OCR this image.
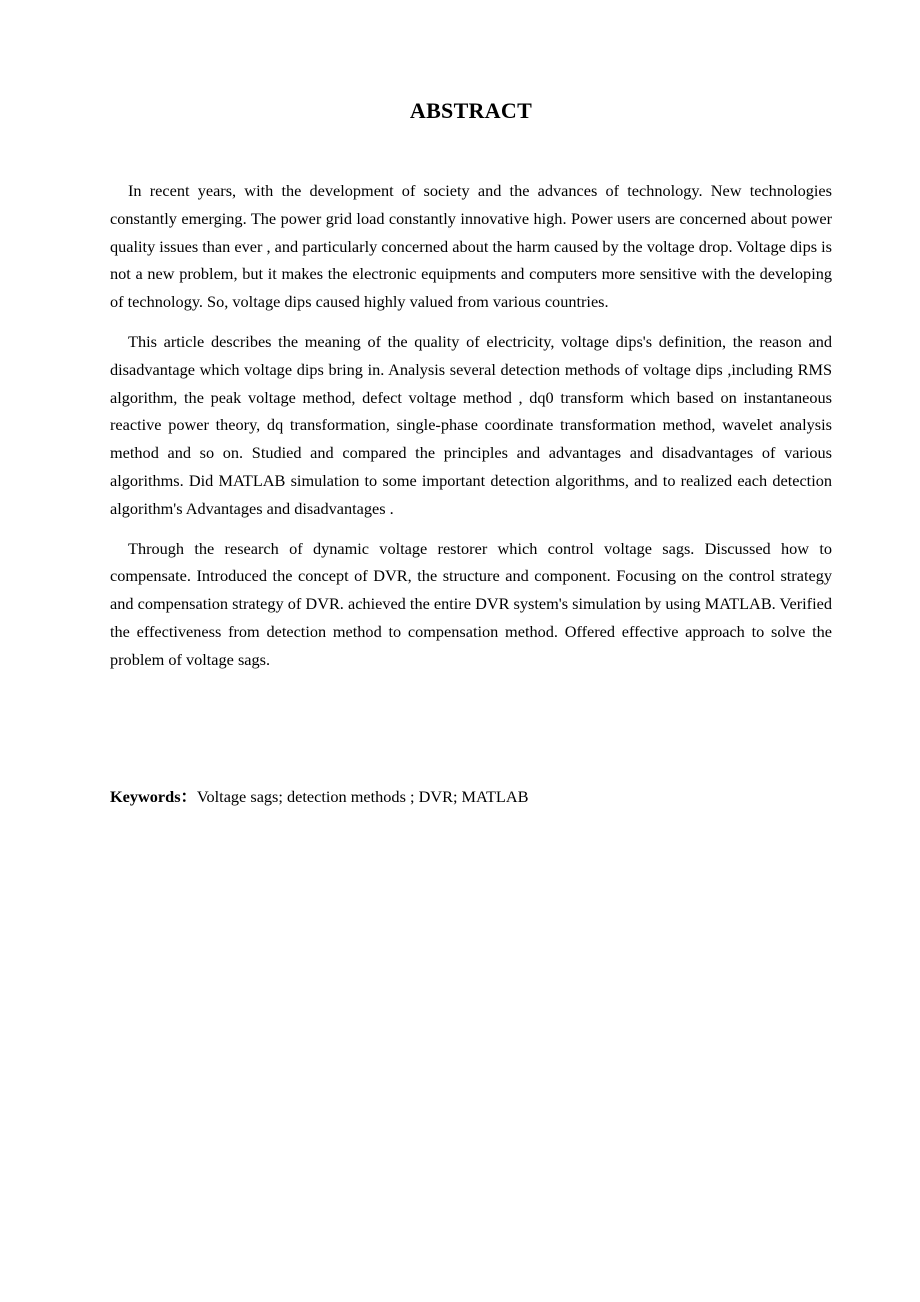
ABSTRACT

In recent years, with the development of society and the advances of technology. New technologies constantly emerging. The power grid load constantly innovative high. Power users are concerned about power quality issues than ever , and particularly concerned about the harm caused by the voltage drop. Voltage dips is not a new problem, but it makes the electronic equipments and computers more sensitive with the developing of technology. So, voltage dips caused highly valued from various countries.

This article describes the meaning of the quality of electricity, voltage dips's definition, the reason and disadvantage which voltage dips bring in. Analysis several detection methods of voltage dips ,including RMS algorithm, the peak voltage method, defect voltage method , dq0 transform which based on instantaneous reactive power theory, dq transformation, single-phase coordinate transformation method, wavelet analysis method and so on. Studied and compared the principles and advantages and disadvantages of various algorithms. Did MATLAB simulation to some important detection algorithms, and to realized each detection algorithm's Advantages and disadvantages .

Through the research of dynamic voltage restorer which control voltage sags. Discussed how to compensate. Introduced the concept of DVR, the structure and component. Focusing on the control strategy and compensation strategy of DVR. achieved the entire DVR system's simulation by using MATLAB. Verified the effectiveness from detection method to compensation method. Offered effective approach to solve the problem of voltage sags.

Keywords：Voltage sags; detection methods ; DVR; MATLAB
